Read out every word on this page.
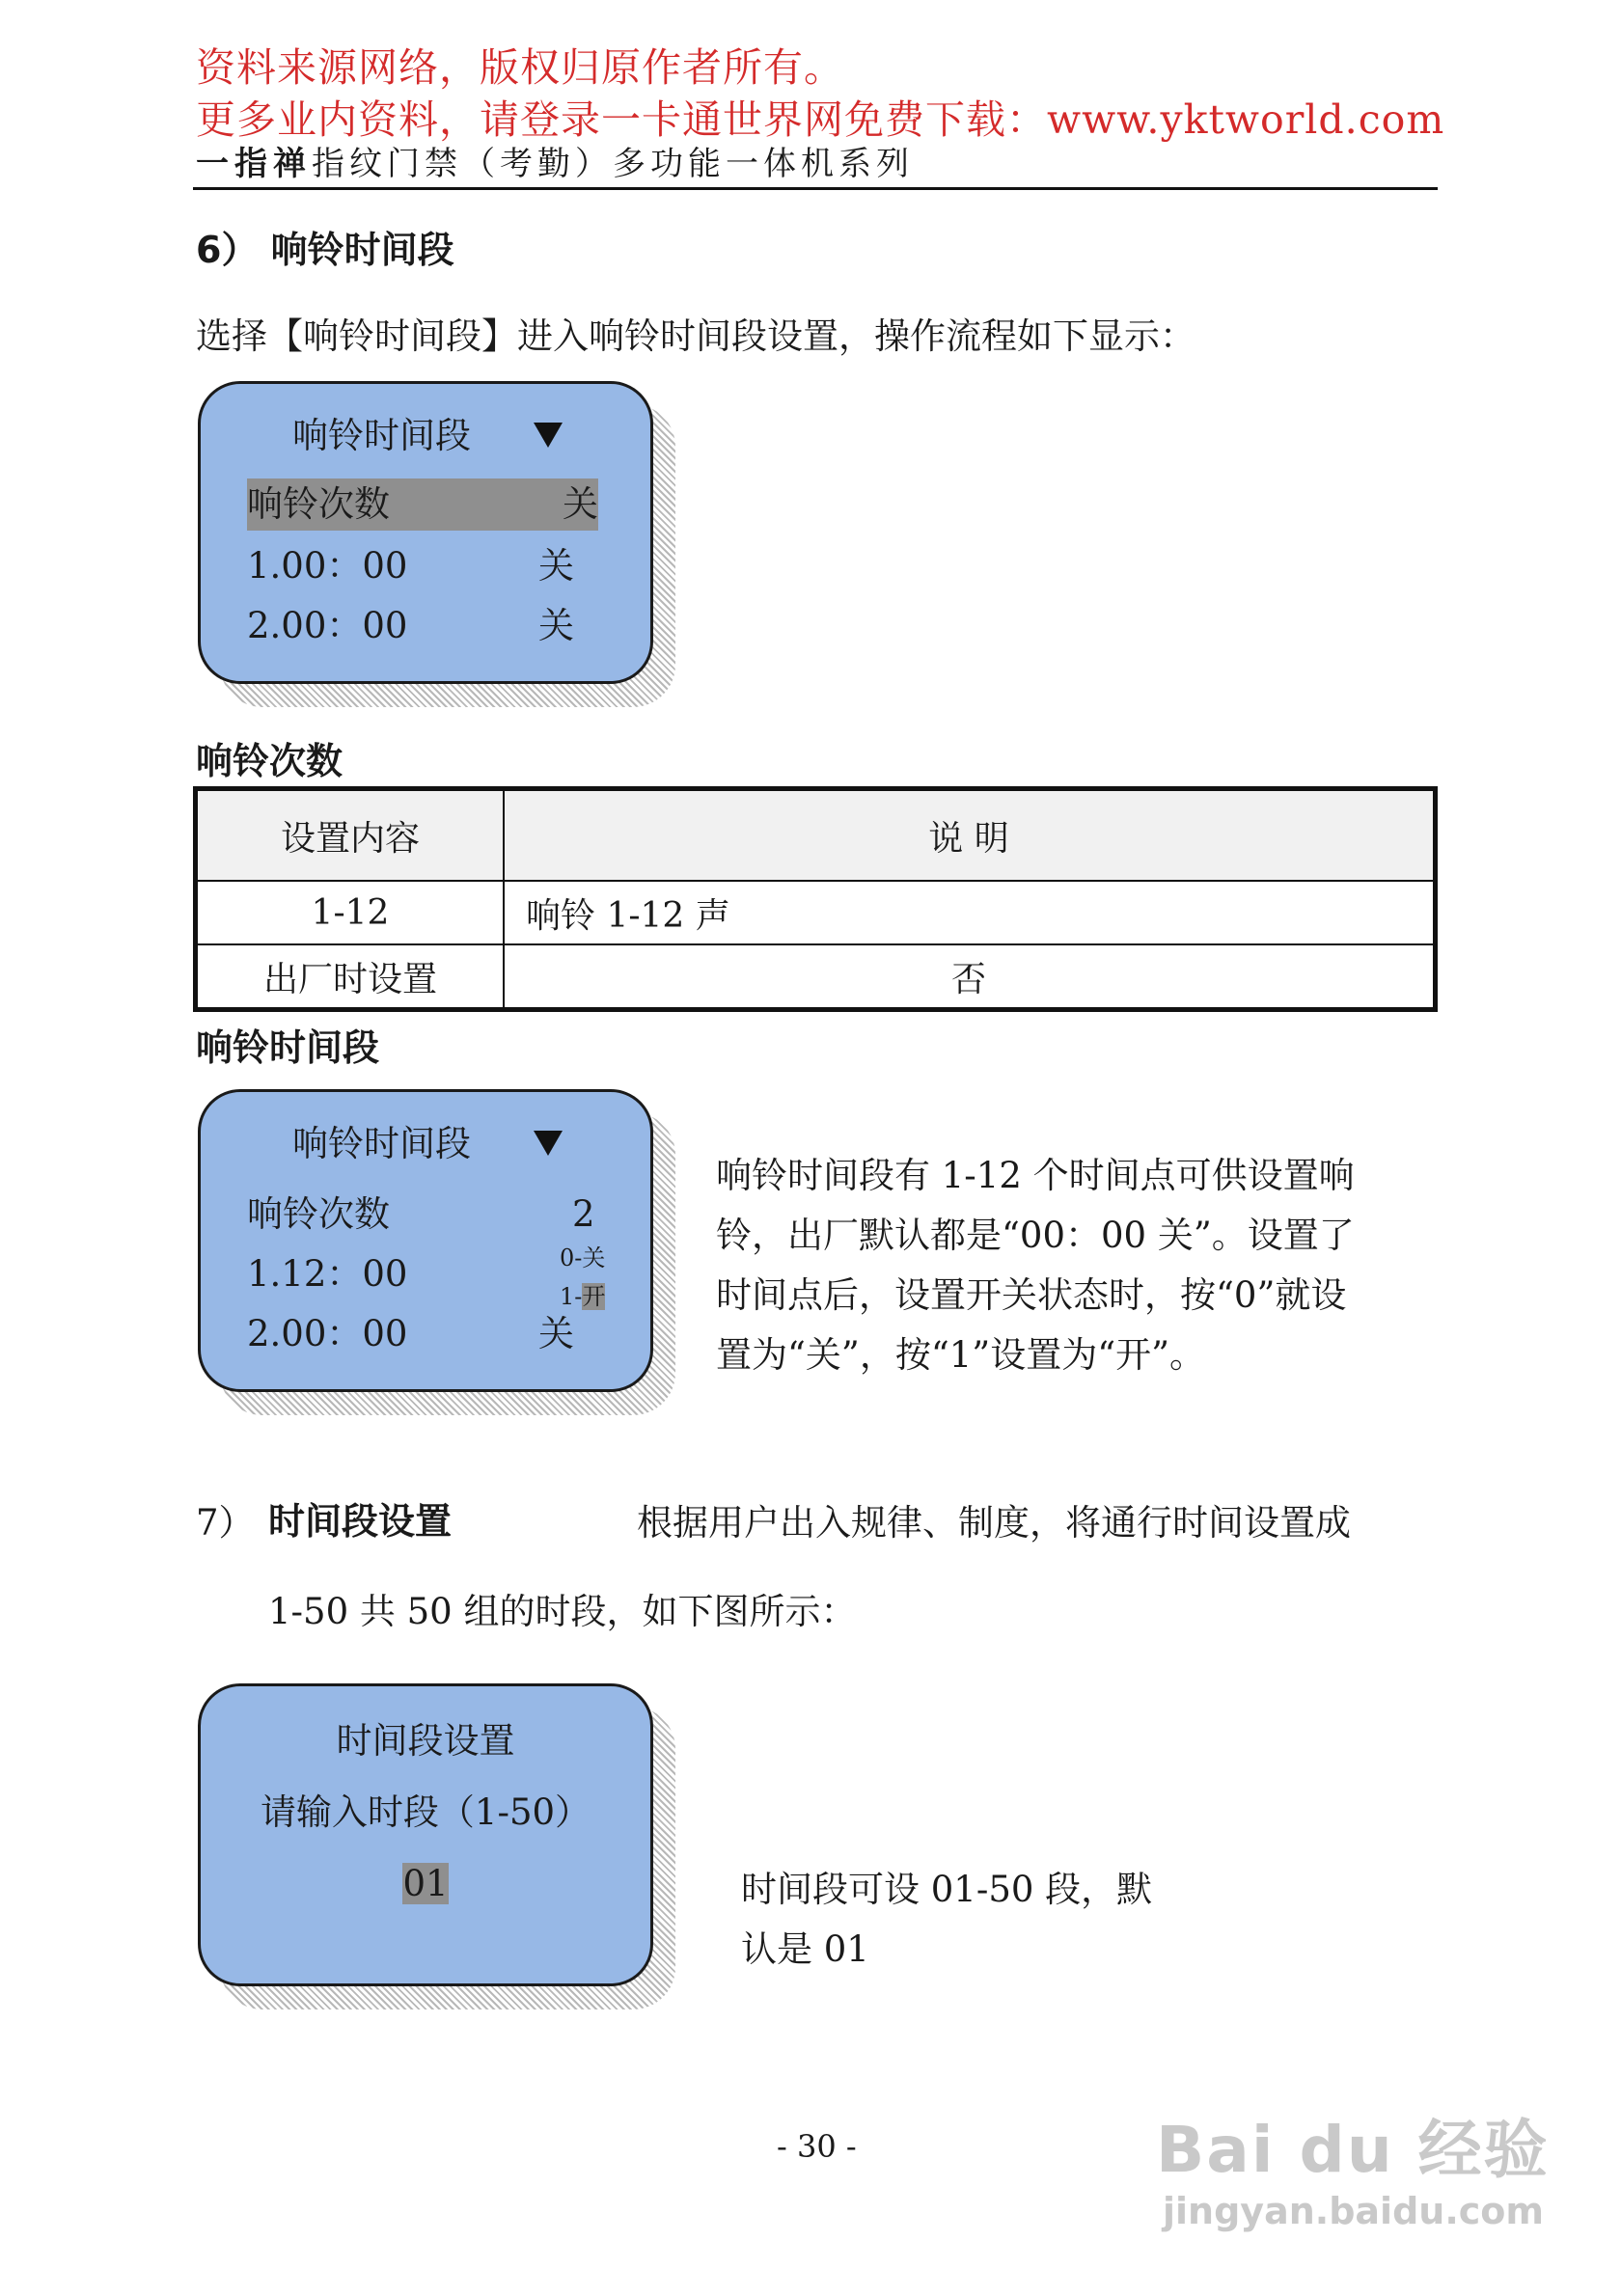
资料来源网络，版权归原作者所有。
更多业内资料，请登录一卡通世界网免费下载：www.yktworld.com
一指禅指纹门禁（考勤）多功能一体机系列
6） 响铃时间段
选择【响铃时间段】进入响铃时间段设置，操作流程如下显示：
响铃时间段
响铃次数	关
1.00：00	关
2.00：00	关
响铃次数
设置内容	说 明
1-12	响铃 1-12 声
出厂时设置	否
响铃时间段
响铃时间段
响铃次数	2
1.12：00	0-关
1-开
2.00：00	关
响铃时间段有 1-12 个时间点可供设置响
铃，出厂默认都是“00：00 关”。设置了
时间点后，设置开关状态时，按“0”就设
置为“关”，按“1”设置为“开”。
7） 时间段设置	根据用户出入规律、制度，将通行时间设置成
1-50 共 50 组的时段，如下图所示：
时间段设置
请输入时段（1-50）
01	时间段可设 01-50 段，默
认是 01
- 30 -	Bai du 经验
jingyan.baidu.com
